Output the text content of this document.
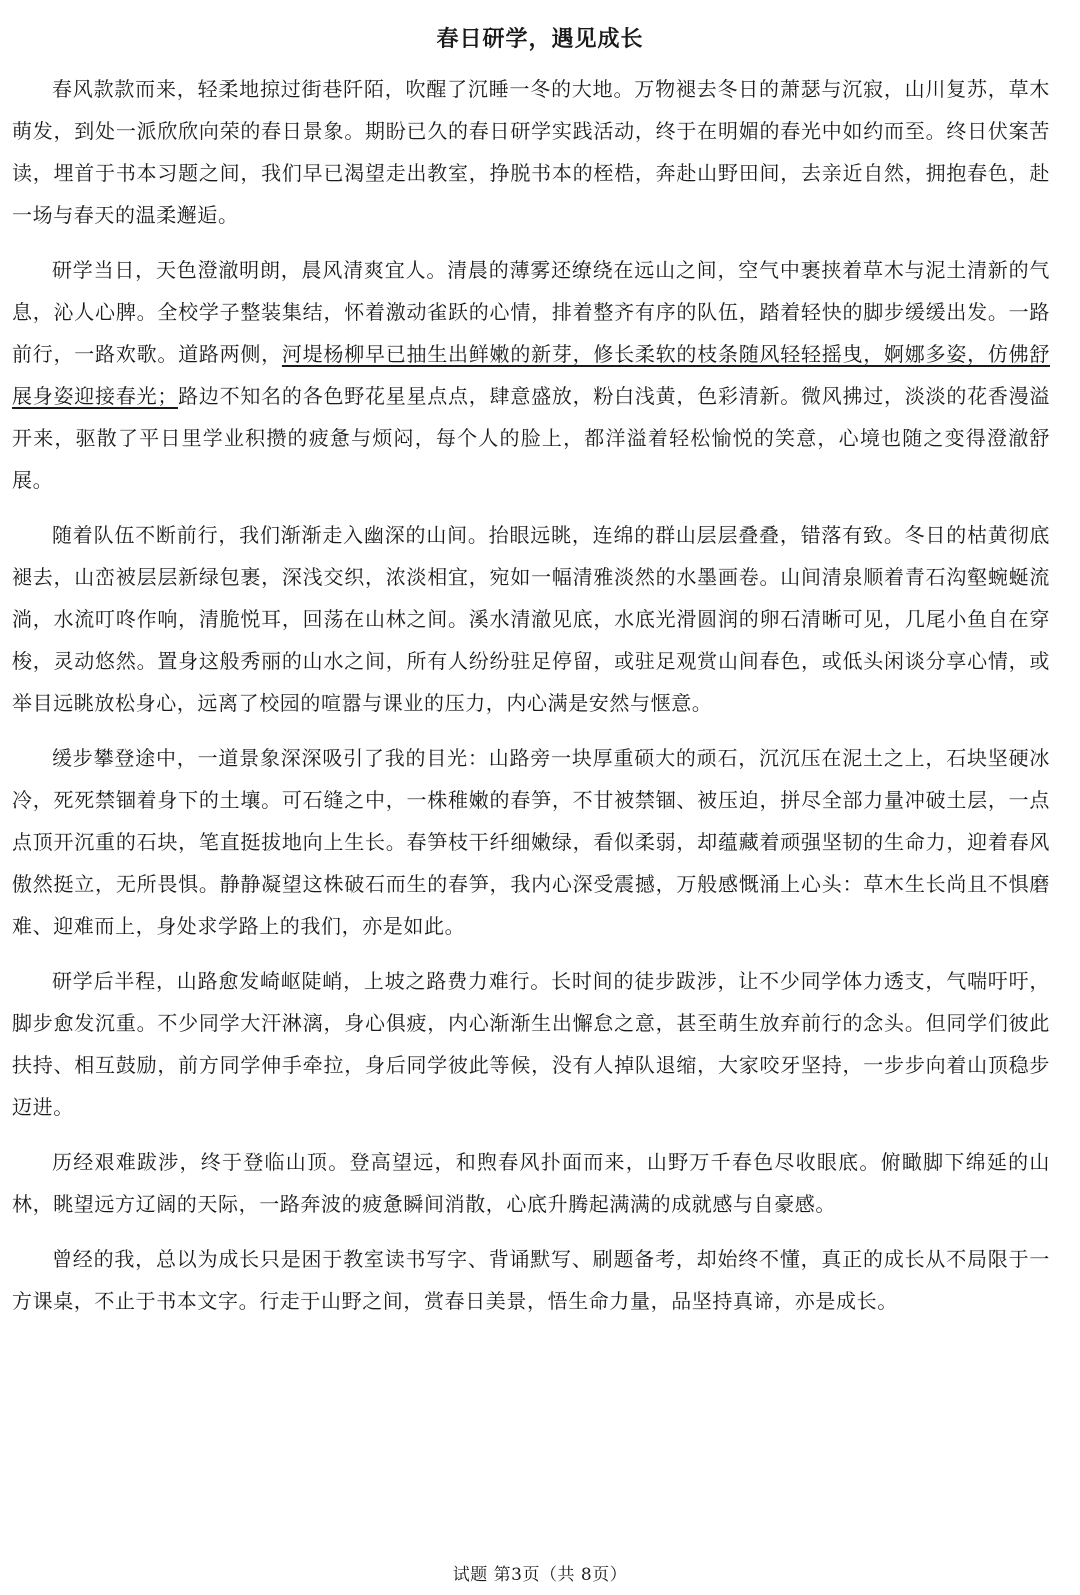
春日研学，遇见成长

春风款款而来，轻柔地掠过街巷阡陌，吹醒了沉睡一冬的大地。万物褪去冬日的萧瑟与沉寂，山川复苏，草木萌发，到处一派欣欣向荣的春日景象。期盼已久的春日研学实践活动，终于在明媚的春光中如约而至。终日伏案苦读，埋首于书本习题之间，我们早已渴望走出教室，挣脱书本的桎梏，奔赴山野田间，去亲近自然，拥抱春色，赴一场与春天的温柔邂逅。

研学当日，天色澄澈明朗，晨风清爽宜人。清晨的薄雾还缭绕在远山之间，空气中裹挟着草木与泥土清新的气息，沁人心脾。全校学子整装集结，怀着激动雀跃的心情，排着整齐有序的队伍，踏着轻快的脚步缓缓出发。一路前行，一路欢歌。道路两侧，河堤杨柳早已抽生出鲜嫩的新芽，修长柔软的枝条随风轻轻摇曳，婀娜多姿，仿佛舒展身姿迎接春光；路边不知名的各色野花星星点点，肆意盛放，粉白浅黄，色彩清新。微风拂过，淡淡的花香漫溢开来，驱散了平日里学业积攒的疲惫与烦闷，每个人的脸上，都洋溢着轻松愉悦的笑意，心境也随之变得澄澈舒展。

随着队伍不断前行，我们渐渐走入幽深的山间。抬眼远眺，连绵的群山层层叠叠，错落有致。冬日的枯黄彻底褪去，山峦被层层新绿包裹，深浅交织，浓淡相宜，宛如一幅清雅淡然的水墨画卷。山间清泉顺着青石沟壑蜿蜒流淌，水流叮咚作响，清脆悦耳，回荡在山林之间。溪水清澈见底，水底光滑圆润的卵石清晰可见，几尾小鱼自在穿梭，灵动悠然。置身这般秀丽的山水之间，所有人纷纷驻足停留，或驻足观赏山间春色，或低头闲谈分享心情，或举目远眺放松身心，远离了校园的喧嚣与课业的压力，内心满是安然与惬意。

缓步攀登途中，一道景象深深吸引了我的目光：山路旁一块厚重硕大的顽石，沉沉压在泥土之上，石块坚硬冰冷，死死禁锢着身下的土壤。可石缝之中，一株稚嫩的春笋，不甘被禁锢、被压迫，拼尽全部力量冲破土层，一点点顶开沉重的石块，笔直挺拔地向上生长。春笋枝干纤细嫩绿，看似柔弱，却蕴藏着顽强坚韧的生命力，迎着春风傲然挺立，无所畏惧。静静凝望这株破石而生的春笋，我内心深受震撼，万般感慨涌上心头：草木生长尚且不惧磨难、迎难而上，身处求学路上的我们，亦是如此。

研学后半程，山路愈发崎岖陡峭，上坡之路费力难行。长时间的徒步跋涉，让不少同学体力透支，气喘吁吁，脚步愈发沉重。不少同学大汗淋漓，身心俱疲，内心渐渐生出懈怠之意，甚至萌生放弃前行的念头。但同学们彼此扶持、相互鼓励，前方同学伸手牵拉，身后同学彼此等候，没有人掉队退缩，大家咬牙坚持，一步步向着山顶稳步迈进。

历经艰难跋涉，终于登临山顶。登高望远，和煦春风扑面而来，山野万千春色尽收眼底。俯瞰脚下绵延的山林，眺望远方辽阔的天际，一路奔波的疲惫瞬间消散，心底升腾起满满的成就感与自豪感。

曾经的我，总以为成长只是困于教室读书写字、背诵默写、刷题备考，却始终不懂，真正的成长从不局限于一方课桌，不止于书本文字。行走于山野之间，赏春日美景，悟生命力量，品坚持真谛，亦是成长。

试题 第3页（共 8页）
